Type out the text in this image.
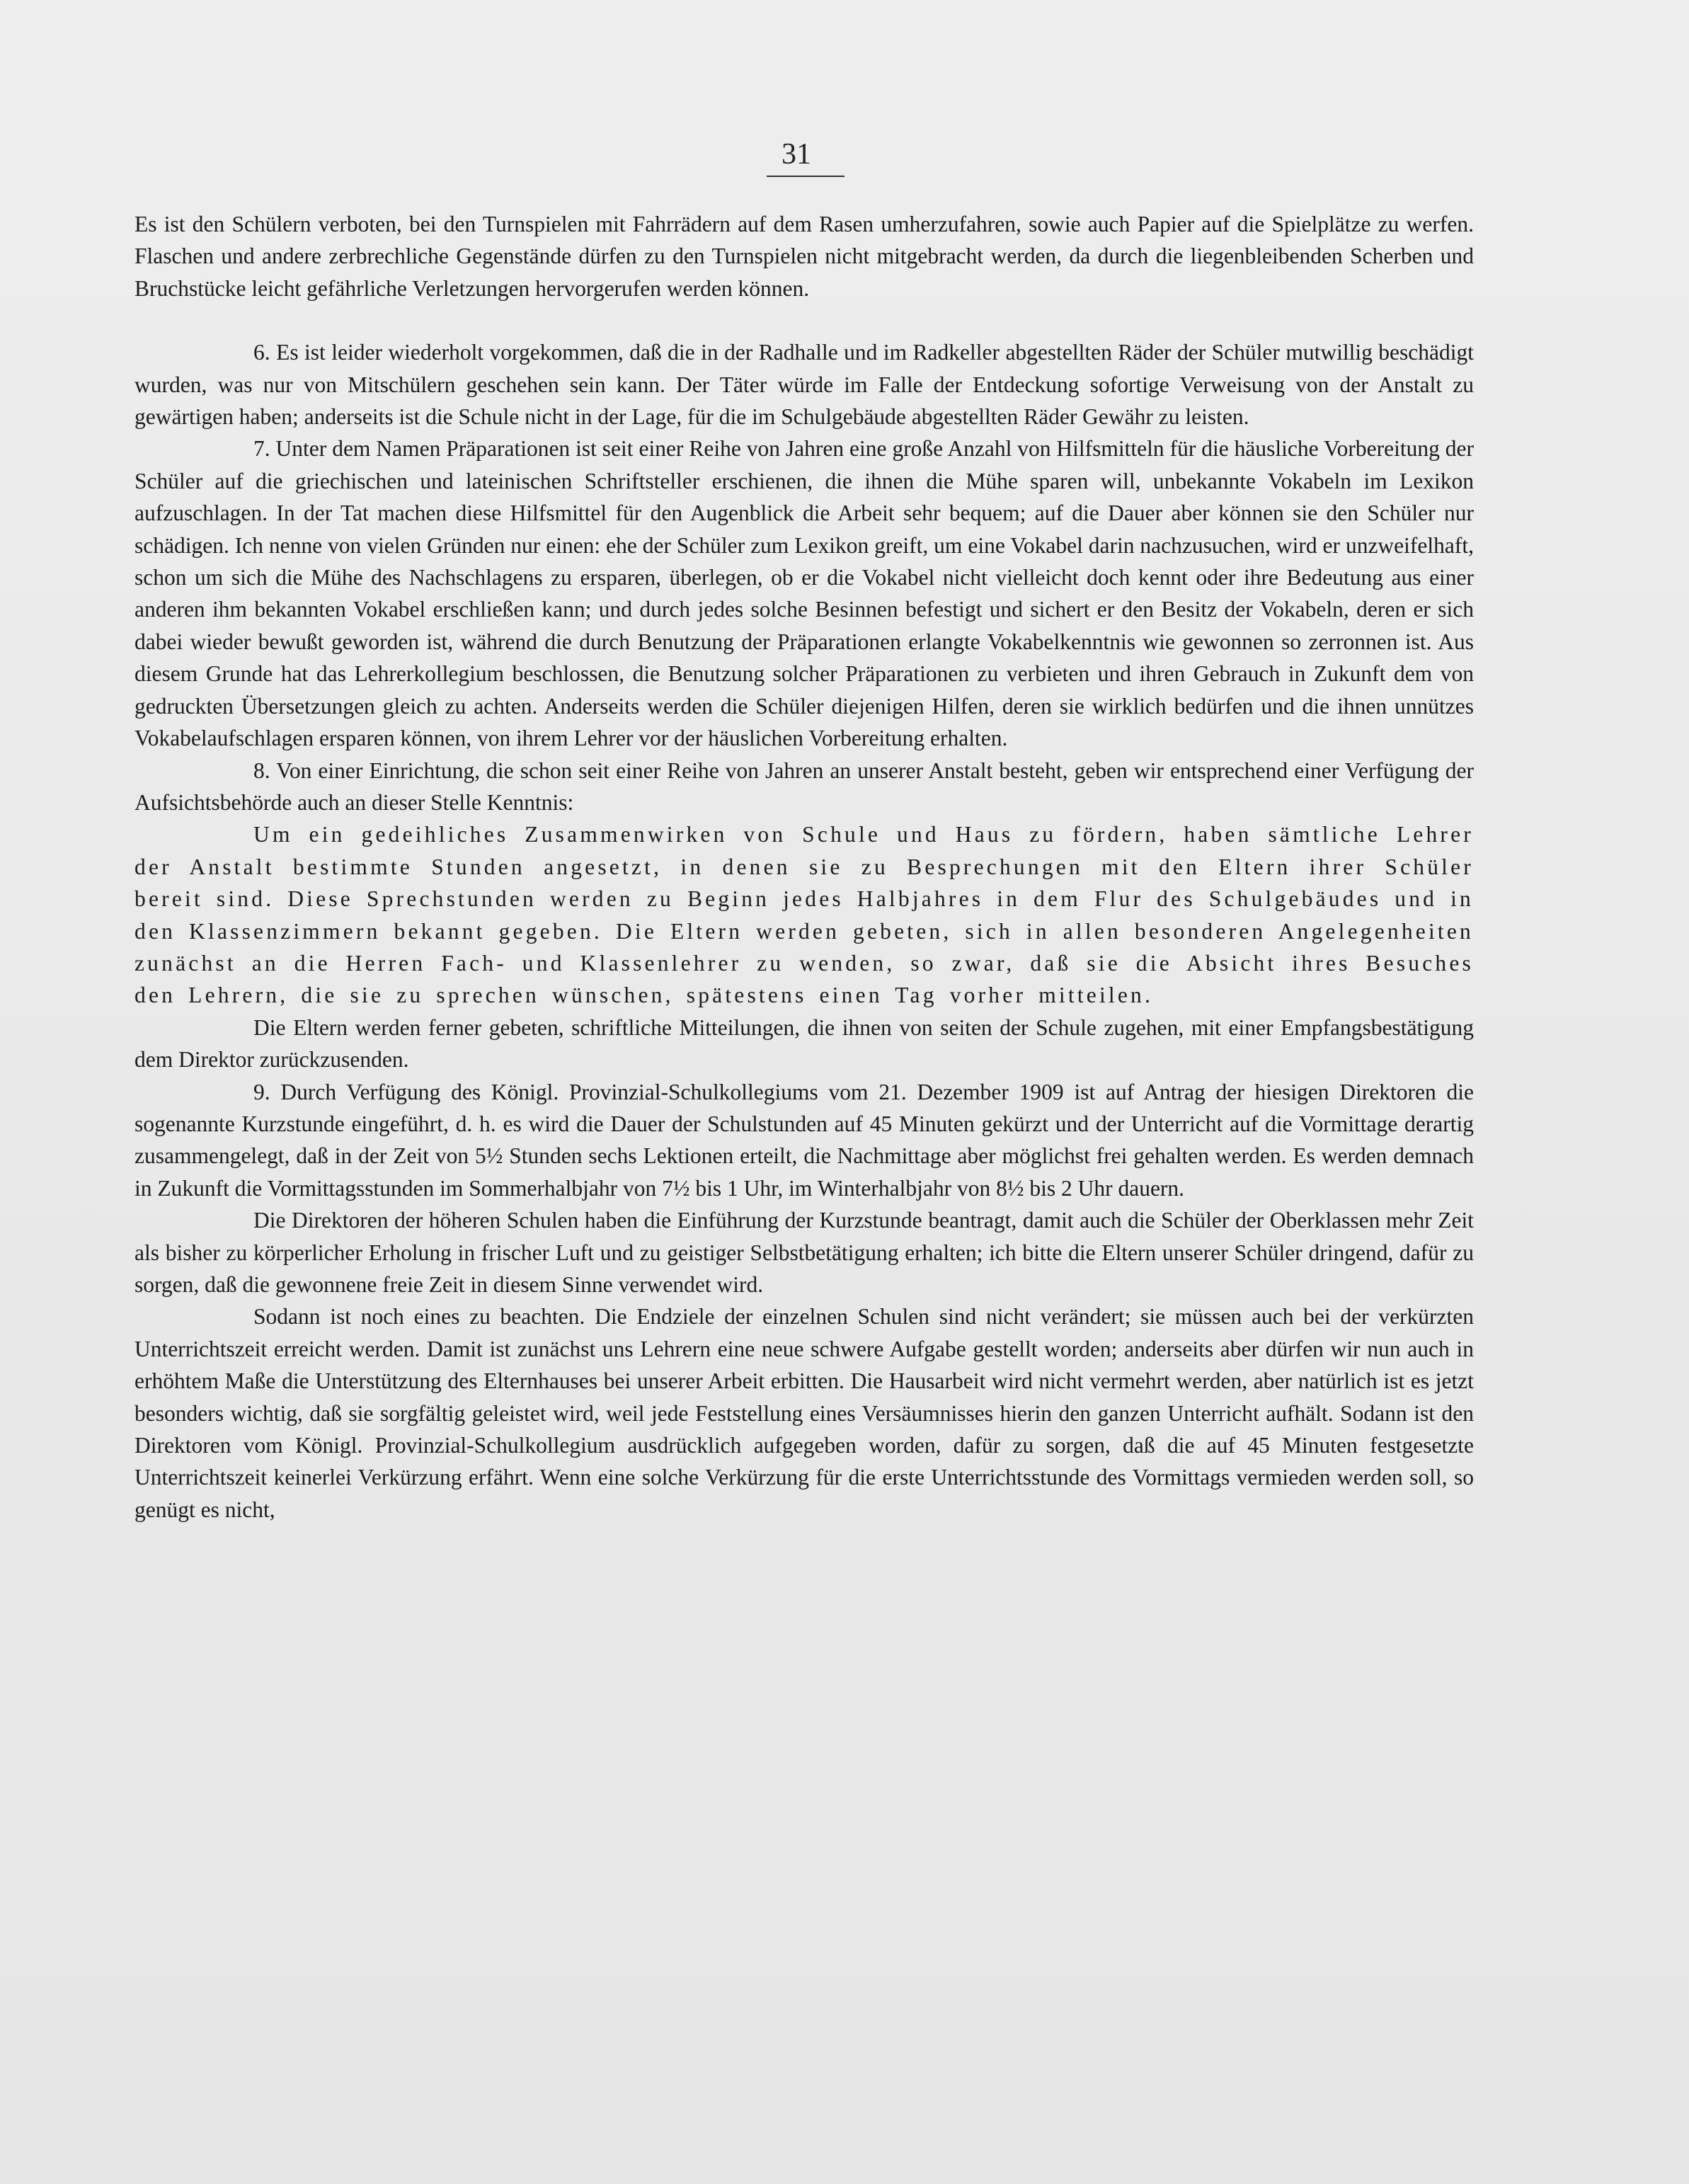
31

Es ist den Schülern verboten, bei den Turnspielen mit Fahrrädern auf dem Rasen umherzufahren, sowie auch Papier auf die Spielplätze zu werfen. Flaschen und andere zerbrechliche Gegenstände dürfen zu den Turnspielen nicht mitgebracht werden, da durch die liegenbleibenden Scherben und Bruchstücke leicht gefährliche Verletzungen hervorgerufen werden können.

6. Es ist leider wiederholt vorgekommen, daß die in der Radhalle und im Radkeller abgestellten Räder der Schüler mutwillig beschädigt wurden, was nur von Mitschülern geschehen sein kann. Der Täter würde im Falle der Entdeckung sofortige Verweisung von der Anstalt zu gewärtigen haben; anderseits ist die Schule nicht in der Lage, für die im Schulgebäude abgestellten Räder Gewähr zu leisten.

7. Unter dem Namen Präparationen ist seit einer Reihe von Jahren eine große Anzahl von Hilfsmitteln für die häusliche Vorbereitung der Schüler auf die griechischen und lateinischen Schriftsteller erschienen, die ihnen die Mühe sparen will, unbekannte Vokabeln im Lexikon aufzuschlagen. In der Tat machen diese Hilfsmittel für den Augenblick die Arbeit sehr bequem; auf die Dauer aber können sie den Schüler nur schädigen. Ich nenne von vielen Gründen nur einen: ehe der Schüler zum Lexikon greift, um eine Vokabel darin nachzusuchen, wird er unzweifelhaft, schon um sich die Mühe des Nachschlagens zu ersparen, überlegen, ob er die Vokabel nicht vielleicht doch kennt oder ihre Bedeutung aus einer anderen ihm bekannten Vokabel erschließen kann; und durch jedes solche Besinnen befestigt und sichert er den Besitz der Vokabeln, deren er sich dabei wieder bewußt geworden ist, während die durch Benutzung der Präparationen erlangte Vokabelkenntnis wie gewonnen so zerronnen ist. Aus diesem Grunde hat das Lehrerkollegium beschlossen, die Benutzung solcher Präparationen zu verbieten und ihren Gebrauch in Zukunft dem von gedruckten Übersetzungen gleich zu achten. Anderseits werden die Schüler diejenigen Hilfen, deren sie wirklich bedürfen und die ihnen unnützes Vokabelaufschlagen ersparen können, von ihrem Lehrer vor der häuslichen Vorbereitung erhalten.

8. Von einer Einrichtung, die schon seit einer Reihe von Jahren an unserer Anstalt besteht, geben wir entsprechend einer Verfügung der Aufsichtsbehörde auch an dieser Stelle Kenntnis:

Um ein gedeihliches Zusammenwirken von Schule und Haus zu fördern, haben sämtliche Lehrer der Anstalt bestimmte Stunden angesetzt, in denen sie zu Besprechungen mit den Eltern ihrer Schüler bereit sind. Diese Sprechstunden werden zu Beginn jedes Halbjahres in dem Flur des Schulgebäudes und in den Klassenzimmern bekannt gegeben. Die Eltern werden gebeten, sich in allen besonderen Angelegenheiten zunächst an die Herren Fach- und Klassenlehrer zu wenden, so zwar, daß sie die Absicht ihres Besuches den Lehrern, die sie zu sprechen wünschen, spätestens einen Tag vorher mitteilen.

Die Eltern werden ferner gebeten, schriftliche Mitteilungen, die ihnen von seiten der Schule zugehen, mit einer Empfangsbestätigung dem Direktor zurückzusenden.

9. Durch Verfügung des Königl. Provinzial-Schulkollegiums vom 21. Dezember 1909 ist auf Antrag der hiesigen Direktoren die sogenannte Kurzstunde eingeführt, d. h. es wird die Dauer der Schulstunden auf 45 Minuten gekürzt und der Unterricht auf die Vormittage derartig zusammengelegt, daß in der Zeit von 5½ Stunden sechs Lektionen erteilt, die Nachmittage aber möglichst frei gehalten werden. Es werden demnach in Zukunft die Vormittagsstunden im Sommerhalbjahr von 7½ bis 1 Uhr, im Winterhalbjahr von 8½ bis 2 Uhr dauern.

Die Direktoren der höheren Schulen haben die Einführung der Kurzstunde beantragt, damit auch die Schüler der Oberklassen mehr Zeit als bisher zu körperlicher Erholung in frischer Luft und zu geistiger Selbstbetätigung erhalten; ich bitte die Eltern unserer Schüler dringend, dafür zu sorgen, daß die gewonnene freie Zeit in diesem Sinne verwendet wird.

Sodann ist noch eines zu beachten. Die Endziele der einzelnen Schulen sind nicht verändert; sie müssen auch bei der verkürzten Unterrichtszeit erreicht werden. Damit ist zunächst uns Lehrern eine neue schwere Aufgabe gestellt worden; anderseits aber dürfen wir nun auch in erhöhtem Maße die Unterstützung des Elternhauses bei unserer Arbeit erbitten. Die Hausarbeit wird nicht vermehrt werden, aber natürlich ist es jetzt besonders wichtig, daß sie sorgfältig geleistet wird, weil jede Feststellung eines Versäumnisses hierin den ganzen Unterricht aufhält. Sodann ist den Direktoren vom Königl. Provinzial-Schulkollegium ausdrücklich aufgegeben worden, dafür zu sorgen, daß die auf 45 Minuten festgesetzte Unterrichtszeit keinerlei Verkürzung erfährt. Wenn eine solche Verkürzung für die erste Unterrichtsstunde des Vormittags vermieden werden soll, so genügt es nicht,
